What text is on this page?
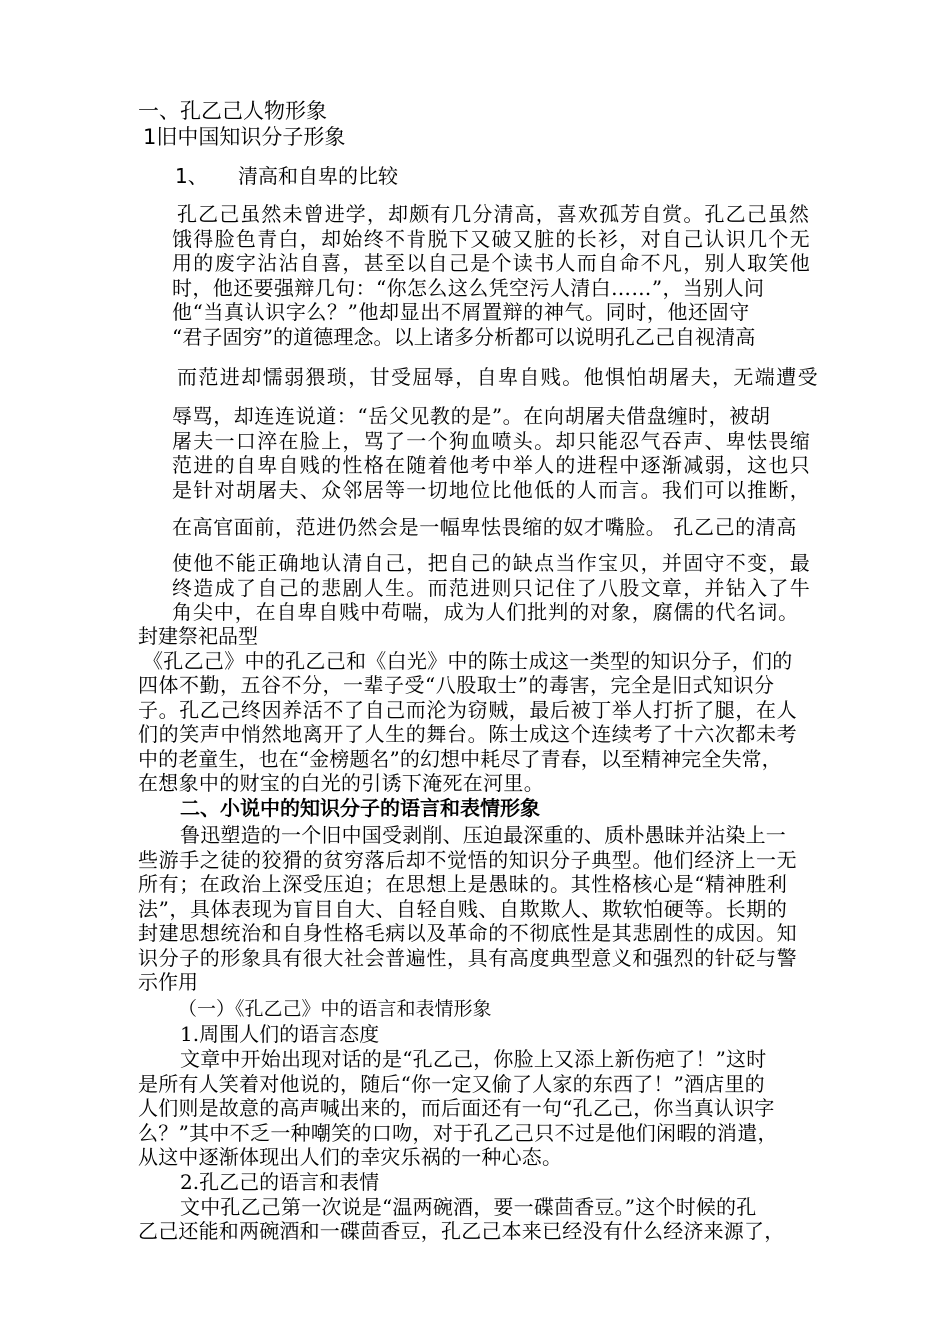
一、孔乙己人物形象
1旧中国知识分子形象
1、 清高和自卑的比较
孔乙己虽然未曾进学，却颇有几分清高，喜欢孤芳自赏。孔乙己虽然
饿得脸色青白，却始终不肯脱下又破又脏的长衫，对自己认识几个无
用的废字沾沾自喜，甚至以自己是个读书人而自命不凡，别人取笑他
时，他还要强辩几句：“你怎么这么凭空污人清白……”，当别人问
他“当真认识字么？”他却显出不屑置辩的神气。同时，他还固守
“君子固穷”的道德理念。以上诸多分析都可以说明孔乙己自视清高
而范进却懦弱猥琐，甘受屈辱，自卑自贱。他惧怕胡屠夫，无端遭受
辱骂，却连连说道：“岳父见教的是”。在向胡屠夫借盘缠时，被胡
屠夫一口淬在脸上，骂了一个狗血喷头。却只能忍气吞声、卑怯畏缩
范进的自卑自贱的性格在随着他考中举人的进程中逐渐减弱，这也只
是针对胡屠夫、众邻居等一切地位比他低的人而言。我们可以推断，
在高官面前，范进仍然会是一幅卑怯畏缩的奴才嘴脸。 孔乙己的清高
使他不能正确地认清自己，把自己的缺点当作宝贝，并固守不变，最
终造成了自己的悲剧人生。而范进则只记住了八股文章，并钻入了牛
角尖中，在自卑自贱中苟喘，成为人们批判的对象，腐儒的代名词。
封建祭祀品型
《孔乙己》中的孔乙己和《白光》中的陈士成这一类型的知识分子，们的
四体不勤，五谷不分，一辈子受“八股取士”的毒害，完全是旧式知识分
子。孔乙己终因养活不了自己而沦为窃贼，最后被丁举人打折了腿，在人
们的笑声中悄然地离开了人生的舞台。陈士成这个连续考了十六次都未考
中的老童生，也在“金榜题名”的幻想中耗尽了青春，以至精神完全失常，
在想象中的财宝的白光的引诱下淹死在河里。
二、小说中的知识分子的语言和表情形象
鲁迅塑造的一个旧中国受剥削、压迫最深重的、质朴愚昧并沾染上一
些游手之徒的狡猾的贫穷落后却不觉悟的知识分子典型。他们经济上一无
所有；在政治上深受压迫；在思想上是愚昧的。其性格核心是“精神胜利
法”，具体表现为盲目自大、自轻自贱、自欺欺人、欺软怕硬等。长期的
封建思想统治和自身性格毛病以及革命的不彻底性是其悲剧性的成因。知
识分子的形象具有很大社会普遍性，具有高度典型意义和强烈的针砭与警
示作用
（一）《孔乙己》中的语言和表情形象
1.周围人们的语言态度
文章中开始出现对话的是“孔乙己，你脸上又添上新伤疤了！”这时
是所有人笑着对他说的，随后“你一定又偷了人家的东西了！”酒店里的
人们则是故意的高声喊出来的，而后面还有一句“孔乙己，你当真认识字
么？”其中不乏一种嘲笑的口吻，对于孔乙己只不过是他们闲暇的消遣，
从这中逐渐体现出人们的幸灾乐祸的一种心态。
2.孔乙己的语言和表情
文中孔乙己第一次说是“温两碗酒，要一碟茴香豆。”这个时候的孔
乙己还能和两碗酒和一碟茴香豆，孔乙己本来已经没有什么经济来源了，
